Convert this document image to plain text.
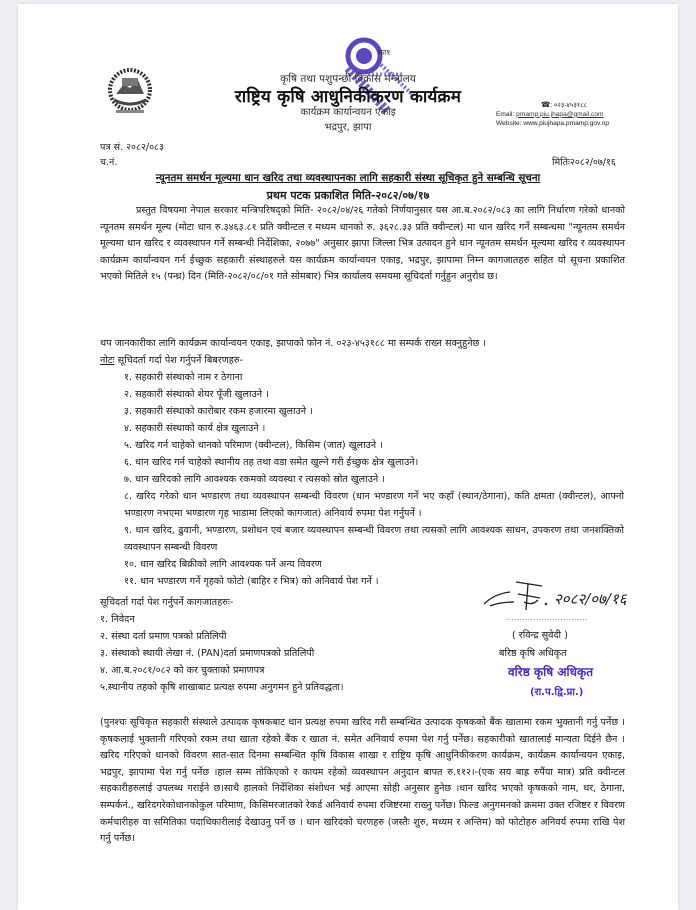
का१
कृषि तथा पशुपन्छी विकास मन्त्रालय
राष्ट्रिय कृषि आधुनिकीकरण कार्यक्रम
कार्यक्रम कार्यान्वयन एकाइ
भद्रपुर, झापा
☎: ०२३-४५३१८८
Email: pmamp.piu.jhapa@gmail.com
Website: www.piujhapa.pmamp.gov.np
पत्र सं. २०८२/०८३
च.नं.	मितिः२०८२/०७/१६
न्यूनतम समर्थन मूल्यमा धान खरिद तथा व्यवस्थापनका लागि सहकारी संस्था सूचिकृत हुने सम्बन्धि सूचना
प्रथम पटक प्रकाशित मिति-२०८२/०७/१७
प्रस्तुत विषयमा नेपाल सरकार मन्त्रिपरिषद्को मिति- २०८२/०४/२६ गतेको निर्णयानुसार यस आ.ब.२०८२/०८३ का लागि निर्धारण गरेको धानको न्यूनतम समर्थन मूल्य (मोटा धान रु.३४६३.८१ प्रति क्वीन्टल र मध्यम धानको रु. ३६२८.३३ प्रति क्वीन्टल) मा धान खरिद गर्ने सम्बन्धमा "न्यूनतम समर्थन मूल्यमा धान खरिद र व्यवस्थापन गर्ने सम्बन्धी निर्देशिका, २०७७" अनुसार झापा जिल्ला भित्र उत्पादन हुने धान न्यूनतम समर्थन मूल्यमा खरिद र व्यवस्थापन कार्यक्रम कार्यान्वयन गर्न ईच्छुक सहकारी संस्थाहरुले यस कार्यक्रम कार्यान्वयन एकाइ, भद्रपुर, झापामा निम्न कागजातहरु सहित यो सूचना प्रकाशित भएको मितिले १५ (पन्ध्र) दिन (मिति-२०८२/०८/०१ गते सोमबार) भित्र कार्यालय समयमा सूचिदर्ता गर्नुहुन अनुरोध छ।
थप जानकारीका लागि कार्यक्रम कार्यान्वयन एकाइ, झापाको फोन नं. ०२३-४५३१८८ मा सम्पर्क राख्न सक्नुहुनेछ ।
नोटः सूचिदर्ता गर्दा पेश गर्नुपर्ने बिबरणहरु-
१. सहकारी संस्थाको नाम र ठेगाना
२. सहकारी संस्थाको शेयर पूँजी खुलाउने ।
३. सहकारी संस्थाको कारोबार रकम हजारमा खुलाउने ।
४. सहकारी संस्थाको कार्य क्षेत्र खुलाउने ।
५. खरिद गर्न चाहेको धानको परिमाण (क्वीन्टल), किसिम (जात) खुलाउने ।
६. धान खरिद गर्न चाहेको स्थानीय तह तथा वडा समेत खुल्ने गरी ईच्छुक क्षेत्र खुलाउने।
७. धान खरिदको लागि आवश्यक रकमको व्यवस्था र त्यसको स्रोत खुलाउने ।
८. खरिद गरेको धान भण्डारण तथा व्यवस्थापन सम्बन्धी विवरण (धान भण्डारण गर्ने भए कहाँ (स्थान/ठेगाना), कति क्षमता (क्वीन्टल), आफ्नो भण्डारण नभएमा भण्डारण गृह भाडामा लिएको कागजात) अनिवार्य रुपमा पेश गर्नुपर्ने ।
९. धान खरिद, ढुवानी, भण्डारण, प्रशोधन एवं बजार व्यवस्थापन सम्बन्धी विवरण तथा त्यसको लागि आवश्यक साधन, उपकरण तथा जनशक्तिको व्यवस्थापन सम्बन्धी विवरण
१०. धान खरिद बिक्रीको लागि आवश्यक पर्ने अन्य विवरण
११. धान भण्डारण गर्ने गृहको फोटो (बाहिर र भित्र) को अनिवार्य पेश गर्ने ।
२०८२/०७/१६
..............................
( रविन्द्र सुवेदी )
बरिष्ठ कृषि अधिकृत
वरिष्ठ कृषि अधिकृत
(रा.प.द्वि.प्रा.)
सूचिदर्ता गर्दा पेश गर्नुपर्ने कागजातहरुः-
१. निवेदन
२. संस्था दर्ता प्रमाण पत्रको प्रतिलिपी
३. संस्थाको स्थायी लेखा नं. (PAN)दर्ता प्रमाणपत्रको प्रतिलिपी
४. आ.ब.२०८१/०८२ को कर चुक्ताको प्रमाणपत्र
५.स्थानीय तहको कृषि शाखाबाट प्रत्यक्ष रुपमा अनुगमन हुने प्रतिवद्धता।
(पुनश्चः सूचिकृत सहकारी संस्थाले उत्पादक कृषकबाट धान प्रत्यक्ष रुपमा खरिद गरी सम्बन्धित उत्पादक कृषकको बैंक खातामा रकम भुक्तानी गर्नु पर्नेछ ।कृषकलाई भुक्तानी गरिएको रकम तथा खाता रहेको बैंक र खाता नं. समेत अनिवार्य रुपमा पेश गर्नु पर्नेछ। सहकारीको खातालाई मान्यता दिईने छैन । खरिद गरिएको धानको विवरण सात-सात दिनमा सम्बन्धित कृषि विकास शाखा र राष्ट्रिय कृषि आधुनिकीकरण कार्यक्रम, कार्यक्रम कार्यान्वयन एकाइ, भद्रपुर, झापामा पेश गर्नु पर्नेछ ।हाल सम्म तोकिएको र कायम रहेको व्यवस्थापन अनुदान बापत रु.११२।-(एक सय बाह्र रुपैंया मात्र) प्रति क्वीन्टल सहकारीहरुलाई उपलब्ध गराईने छ।साथै हालको निर्देशिका संशोधन भई आएमा सोही अनुसार हुनेछ ।धान खरिद भएको कृषकको नाम, थर, ठेगाना, सम्पर्कनं., खरिदगरेकोधानकोकुल परिमाण, किसिमरजातको रेकर्ड अनिवार्य रुपमा रजिष्टरमा राख्नु पर्नेछ। फिल्ड अनुगमनको क्रममा उक्त रजिष्टर र विवरण कर्मचारीहरु वा समितिका पदाधिकारीलाई देखाउनु पर्ने छ । धान खरिदको चरणहरु (जस्तैः शुरु, मध्यम र अन्तिम) को फोटोहरु अनिवर्य रुपमा राखि पेश गर्नु पर्नेछ।
